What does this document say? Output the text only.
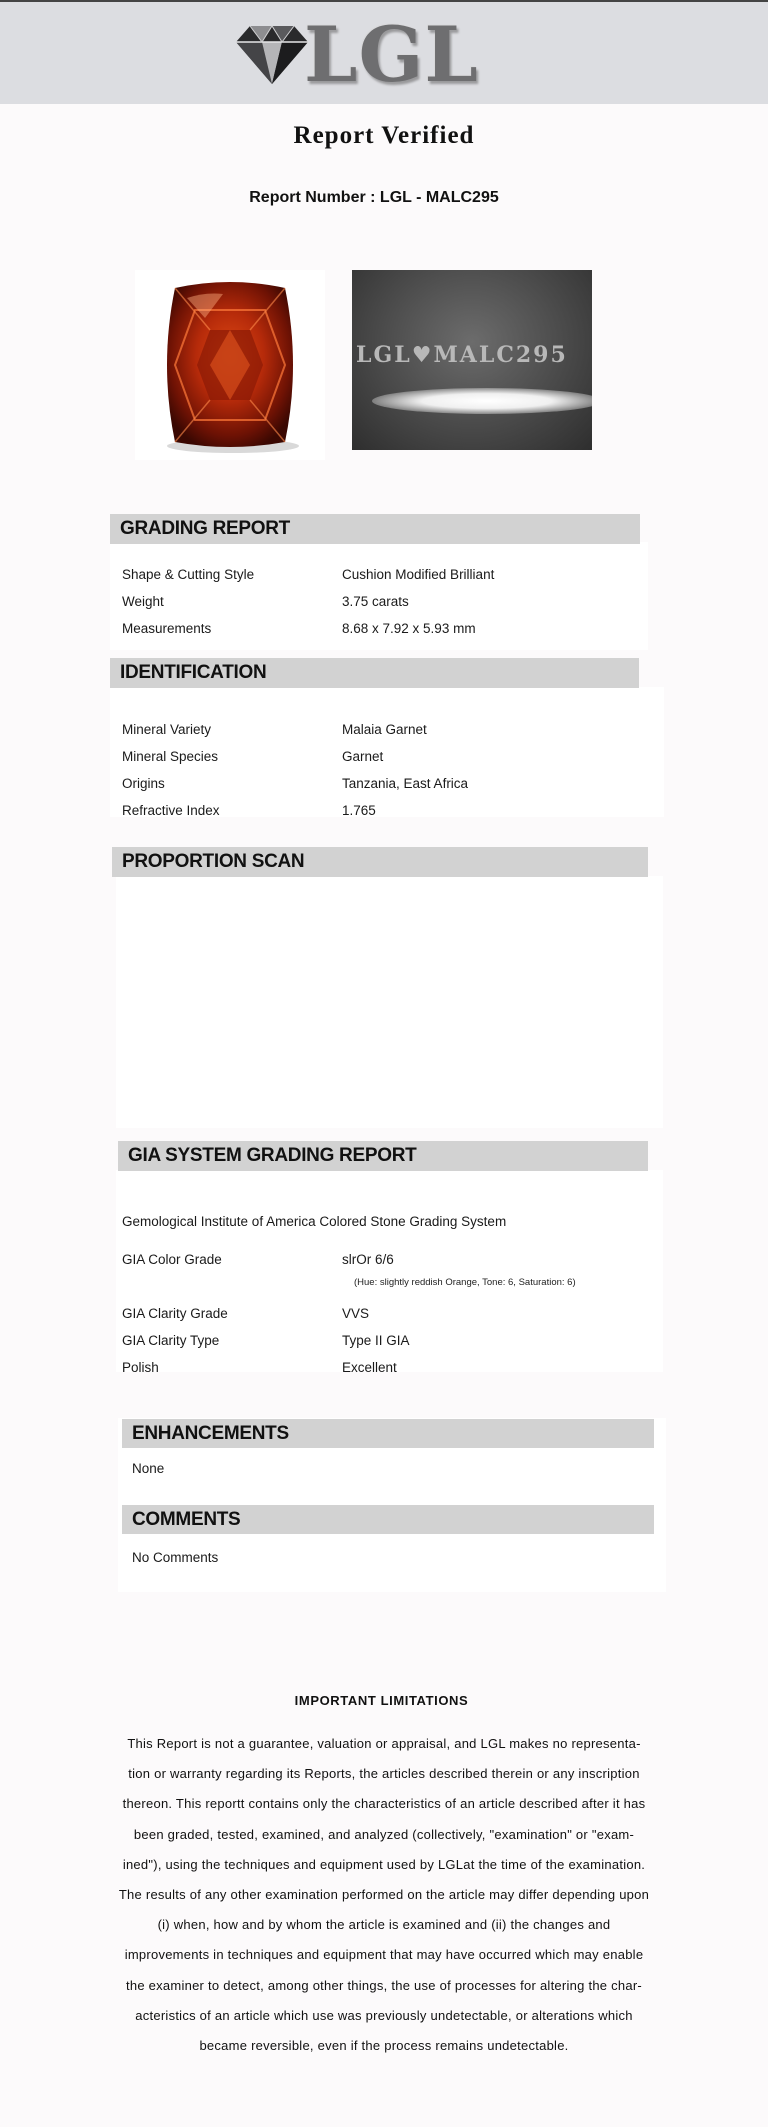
LGL
Report Verified
Report Number : LGL - MALC295
LGL♥MALC295
GRADING REPORT
Shape & Cutting Style	Cushion Modified Brilliant
Weight	3.75 carats
Measurements	8.68 x 7.92 x 5.93 mm
IDENTIFICATION
Mineral Variety	Malaia Garnet
Mineral Species	Garnet
Origins	Tanzania, East Africa
Refractive Index	1.765
PROPORTION SCAN
GIA SYSTEM GRADING REPORT
Gemological Institute of America Colored Stone Grading System
GIA Color Grade	slrOr 6/6
(Hue: slightly reddish Orange, Tone: 6, Saturation: 6)
GIA Clarity Grade	VVS
GIA Clarity Type	Type II GIA
Polish	Excellent
ENHANCEMENTS
None
COMMENTS
No Comments
IMPORTANT LIMITATIONS
This Report is not a guarantee, valuation or appraisal, and LGL makes no representa-tion or warranty regarding its Reports, the articles described therein or any inscription thereon. This reportt contains only the characteristics of an article described after it has been graded, tested, examined, and analyzed (collectively, "examination" or "exam-ined"), using the techniques and equipment used by LGLat the time of the examination. The results of any other examination performed on the article may differ depending upon (i) when, how and by whom the article is examined and (ii) the changes and improvements in techniques and equipment that may have occurred which may enable the examiner to detect, among other things, the use of processes for altering the char-acteristics of an article which use was previously undetectable, or alterations which became reversible, even if the process remains undetectable.
